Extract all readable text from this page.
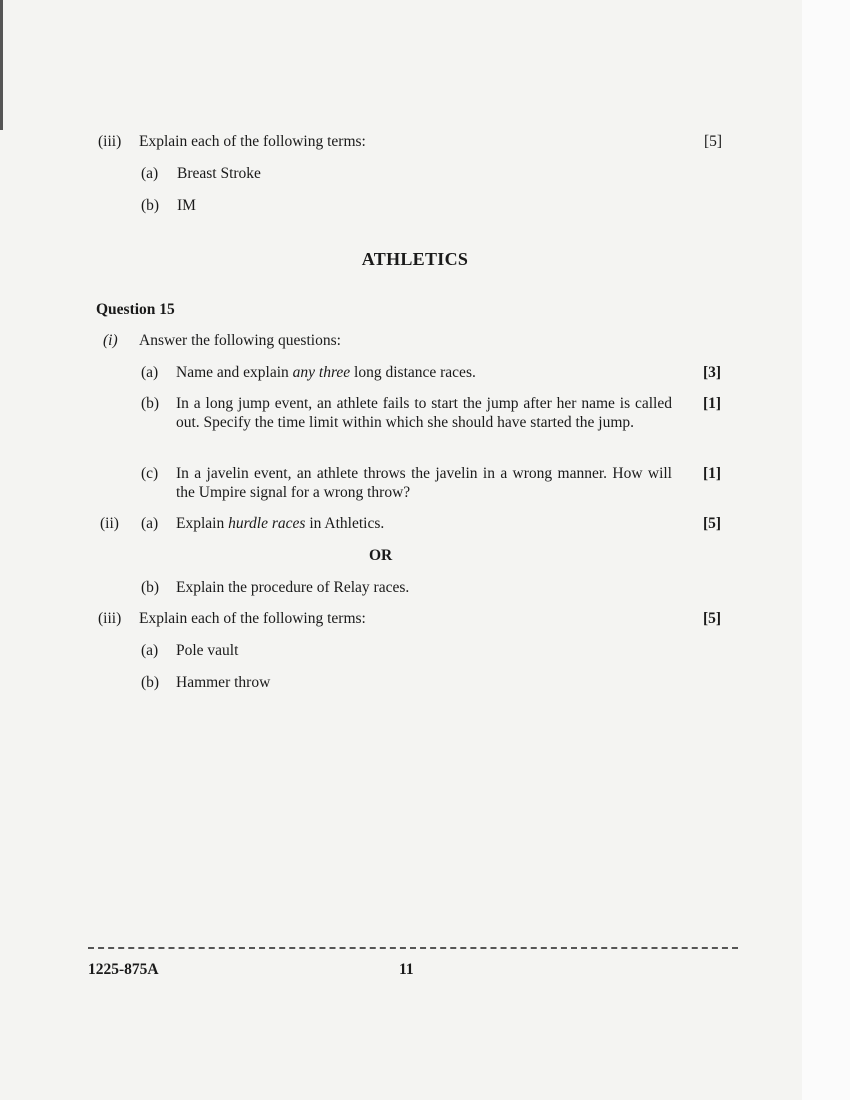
(iii) Explain each of the following terms:	[5]
(a) Breast Stroke
(b) IM
ATHLETICS
Question 15
(i) Answer the following questions:
(a) Name and explain any three long distance races.	[3]
(b) In a long jump event, an athlete fails to start the jump after her name is called out. Specify the time limit within which she should have started the jump.
[1]
(c) In a javelin event, an athlete throws the javelin in a wrong manner. How will the Umpire signal for a wrong throw?
[1]
(ii) (a) Explain hurdle races in Athletics.	[5]
OR
(b) Explain the procedure of Relay races.
(iii) Explain each of the following terms:	[5]
(a) Pole vault
(b) Hammer throw
1225-875A	11
